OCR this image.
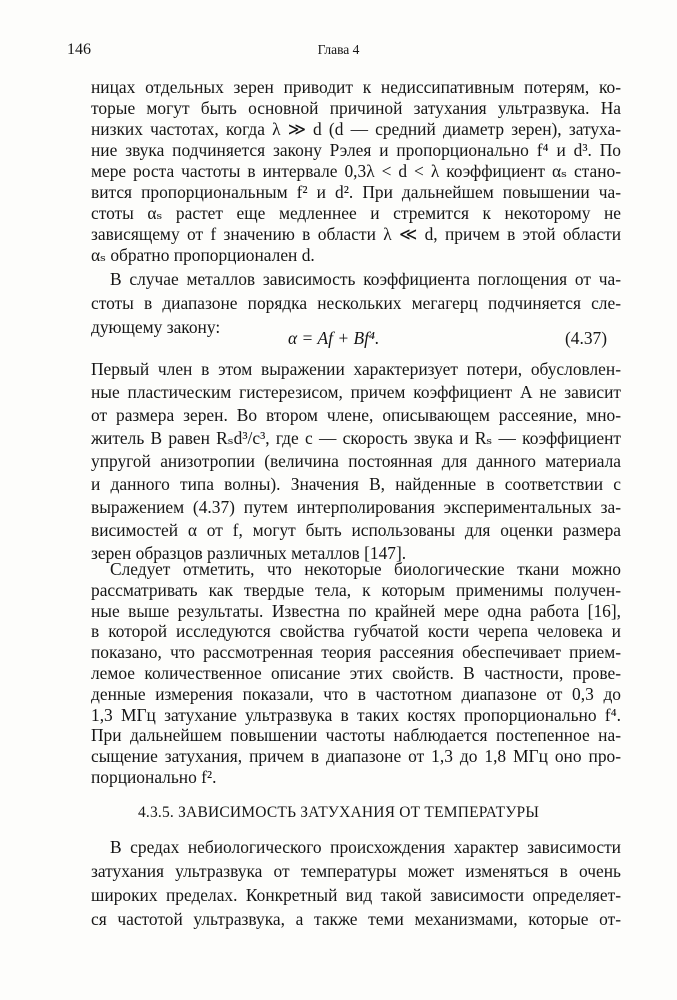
146	Глава 4
ницах отдельных зерен приводит к недиссипативным потерям, ко-
торые могут быть основной причиной затухания ультразвука. На
низких частотах, когда λ ≫ d (d — средний диаметр зерен), затуха-
ние звука подчиняется закону Рэлея и пропорционально f⁴ и d³. По
мере роста частоты в интервале 0,3λ < d < λ коэффициент αₛ стано-
вится пропорциональным f² и d². При дальнейшем повышении ча-
стоты αₛ растет еще медленнее и стремится к некоторому не
зависящему от f значению в области λ ≪ d, причем в этой области
αₛ обратно пропорционален d.
В случае металлов зависимость коэффициента поглощения от ча-
стоты в диапазоне порядка нескольких мегагерц подчиняется сле-
дующему закону:
α = Af + Bf⁴.	(4.37)
Первый член в этом выражении характеризует потери, обусловлен-
ные пластическим гистерезисом, причем коэффициент A не зависит
от размера зерен. Во втором члене, описывающем рассеяние, мно-
житель B равен Rₛd³/c³, где c — скорость звука и Rₛ — коэффициент
упругой анизотропии (величина постоянная для данного материала
и данного типа волны). Значения B, найденные в соответствии с
выражением (4.37) путем интерполирования экспериментальных за-
висимостей α от f, могут быть использованы для оценки размера
зерен образцов различных металлов [147].
Следует отметить, что некоторые биологические ткани можно
рассматривать как твердые тела, к которым применимы получен-
ные выше результаты. Известна по крайней мере одна работа [16],
в которой исследуются свойства губчатой кости черепа человека и
показано, что рассмотренная теория рассеяния обеспечивает прием-
лемое количественное описание этих свойств. В частности, прове-
денные измерения показали, что в частотном диапазоне от 0,3 до
1,3 МГц затухание ультразвука в таких костях пропорционально f⁴.
При дальнейшем повышении частоты наблюдается постепенное на-
сыщение затухания, причем в диапазоне от 1,3 до 1,8 МГц оно про-
порционально f².
4.3.5. ЗАВИСИМОСТЬ ЗАТУХАНИЯ ОТ ТЕМПЕРАТУРЫ
В средах небиологического происхождения характер зависимости
затухания ультразвука от температуры может изменяться в очень
широких пределах. Конкретный вид такой зависимости определяет-
ся частотой ультразвука, а также теми механизмами, которые от-
